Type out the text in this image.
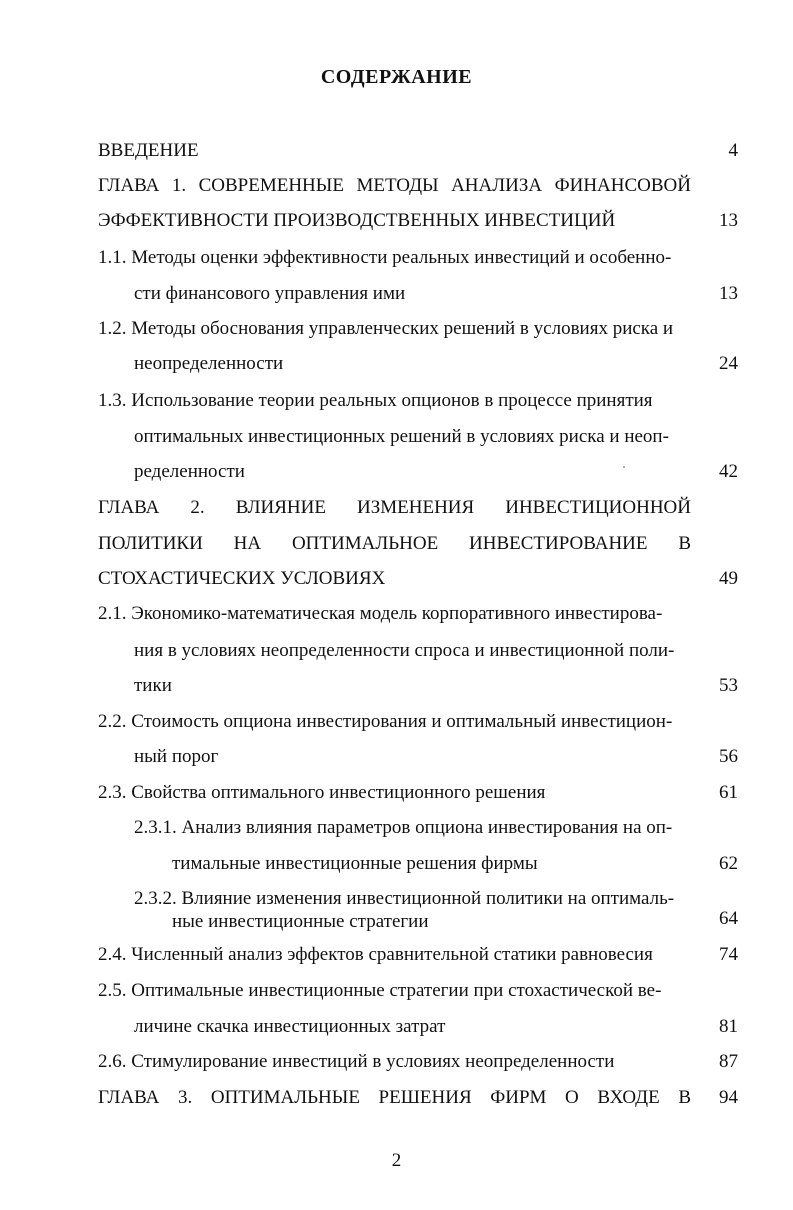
СОДЕРЖАНИЕ
ВВЕДЕНИЕ	4
ГЛАВА 1. СОВРЕМЕННЫЕ МЕТОДЫ АНАЛИЗА ФИНАНСОВОЙ
ЭФФЕКТИВНОСТИ ПРОИЗВОДСТВЕННЫХ ИНВЕСТИЦИЙ	13
1.1. Методы оценки эффективности реальных инвестиций и особенно-
сти финансового управления ими	13
1.2. Методы обоснования управленческих решений в условиях риска и
неопределенности	24
1.3. Использование теории реальных опционов в процессе принятия
оптимальных инвестиционных решений в условиях риска и неоп-
ределенности	42
ГЛАВА 2. ВЛИЯНИЕ ИЗМЕНЕНИЯ ИНВЕСТИЦИОННОЙ
ПОЛИТИКИ НА ОПТИМАЛЬНОЕ ИНВЕСТИРОВАНИЕ В
СТОХАСТИЧЕСКИХ УСЛОВИЯХ	49
2.1. Экономико-математическая модель корпоративного инвестирова-
ния в условиях неопределенности спроса и инвестиционной поли-
тики	53
2.2. Стоимость опциона инвестирования и оптимальный инвестицион-
ный порог	56
2.3. Свойства оптимального инвестиционного решения	61
2.3.1. Анализ влияния параметров опциона инвестирования на оп-
тимальные инвестиционные решения фирмы	62
2.3.2. Влияние изменения инвестиционной политики на оптималь-
ные инвестиционные стратегии	64
2.4. Численный анализ эффектов сравнительной статики равновесия	74
2.5. Оптимальные инвестиционные стратегии при стохастической ве-
личине скачка инвестиционных затрат	81
2.6. Стимулирование инвестиций в условиях неопределенности	87
ГЛАВА 3. ОПТИМАЛЬНЫЕ РЕШЕНИЯ ФИРМ О ВХОДЕ В	94
2
